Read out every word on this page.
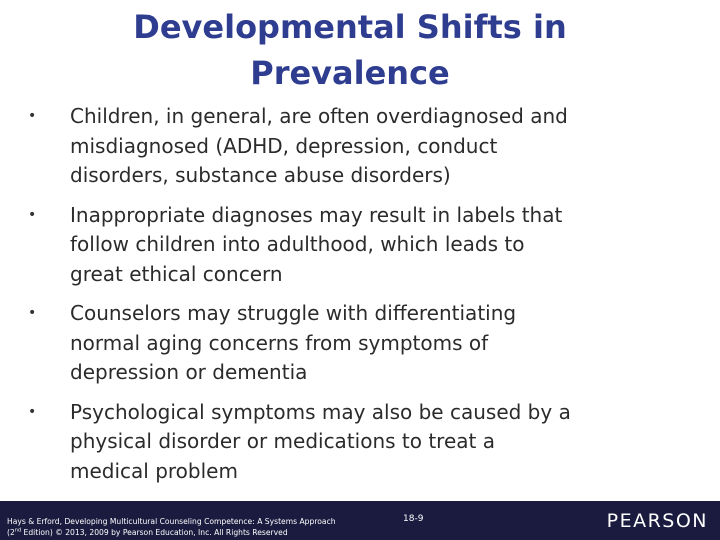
Developmental Shifts in
Prevalence
• Children, in general, are often overdiagnosed and
misdiagnosed (ADHD, depression, conduct
disorders, substance abuse disorders)
• Inappropriate diagnoses may result in labels that
follow children into adulthood, which leads to
great ethical concern
• Counselors may struggle with differentiating
normal aging concerns from symptoms of
depression or dementia
• Psychological symptoms may also be caused by a
physical disorder or medications to treat a
medical problem
Hays & Erford, Developing Multicultural Counseling Competence: A Systems Approach
(2nd Edition) © 2013, 2009 by Pearson Education, Inc. All Rights Reserved
18-9	PEARSON
